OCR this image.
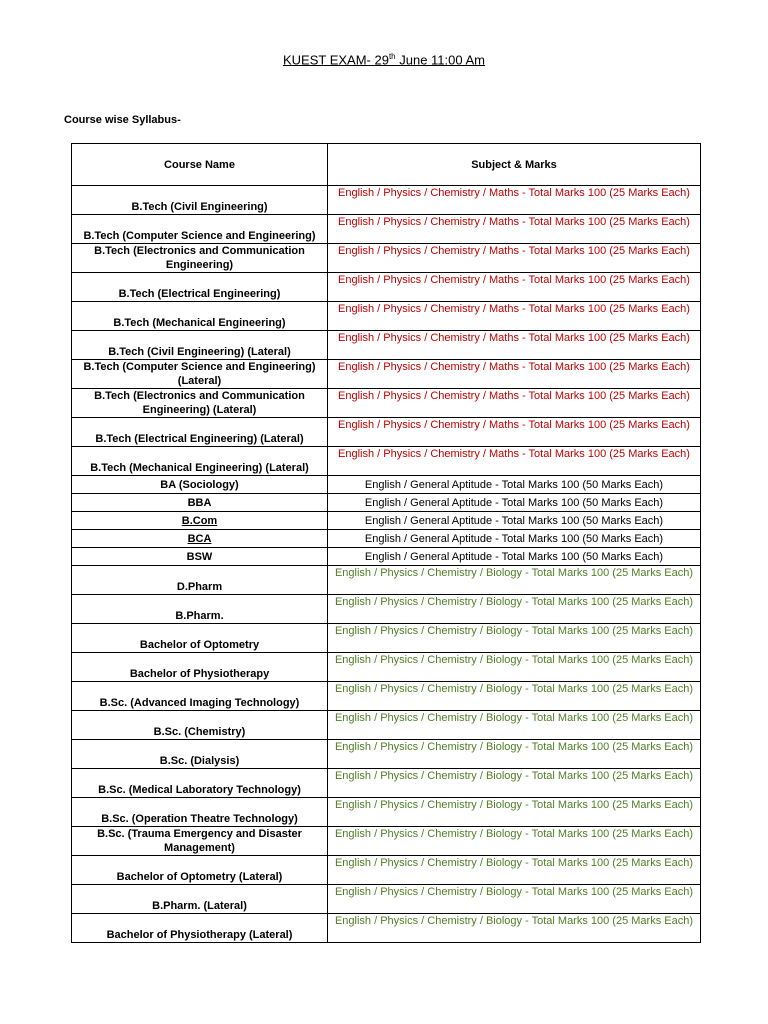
KUEST EXAM- 29th June 11:00 Am
Course wise Syllabus-
Course Name	Subject & Marks
B.Tech (Civil Engineering)	English / Physics / Chemistry / Maths - Total Marks 100 (25 Marks Each)
B.Tech (Computer Science and Engineering)	English / Physics / Chemistry / Maths - Total Marks 100 (25 Marks Each)
B.Tech (Electronics and Communication Engineering)	English / Physics / Chemistry / Maths - Total Marks 100 (25 Marks Each)
B.Tech (Electrical Engineering)	English / Physics / Chemistry / Maths - Total Marks 100 (25 Marks Each)
B.Tech (Mechanical Engineering)	English / Physics / Chemistry / Maths - Total Marks 100 (25 Marks Each)
B.Tech (Civil Engineering) (Lateral)	English / Physics / Chemistry / Maths - Total Marks 100 (25 Marks Each)
B.Tech (Computer Science and Engineering) (Lateral)	English / Physics / Chemistry / Maths - Total Marks 100 (25 Marks Each)
B.Tech (Electronics and Communication Engineering) (Lateral)	English / Physics / Chemistry / Maths - Total Marks 100 (25 Marks Each)
B.Tech (Electrical Engineering) (Lateral)	English / Physics / Chemistry / Maths - Total Marks 100 (25 Marks Each)
B.Tech (Mechanical Engineering) (Lateral)	English / Physics / Chemistry / Maths - Total Marks 100 (25 Marks Each)
BA (Sociology)	English / General Aptitude - Total Marks 100 (50 Marks Each)
BBA	English / General Aptitude - Total Marks 100 (50 Marks Each)
B.Com	English / General Aptitude - Total Marks 100 (50 Marks Each)
BCA	English / General Aptitude - Total Marks 100 (50 Marks Each)
BSW	English / General Aptitude - Total Marks 100 (50 Marks Each)
D.Pharm	English / Physics / Chemistry / Biology - Total Marks 100 (25 Marks Each)
B.Pharm.	English / Physics / Chemistry / Biology - Total Marks 100 (25 Marks Each)
Bachelor of Optometry	English / Physics / Chemistry / Biology - Total Marks 100 (25 Marks Each)
Bachelor of Physiotherapy	English / Physics / Chemistry / Biology - Total Marks 100 (25 Marks Each)
B.Sc. (Advanced Imaging Technology)	English / Physics / Chemistry / Biology - Total Marks 100 (25 Marks Each)
B.Sc. (Chemistry)	English / Physics / Chemistry / Biology - Total Marks 100 (25 Marks Each)
B.Sc. (Dialysis)	English / Physics / Chemistry / Biology - Total Marks 100 (25 Marks Each)
B.Sc. (Medical Laboratory Technology)	English / Physics / Chemistry / Biology - Total Marks 100 (25 Marks Each)
B.Sc. (Operation Theatre Technology)	English / Physics / Chemistry / Biology - Total Marks 100 (25 Marks Each)
B.Sc. (Trauma Emergency and Disaster Management)	English / Physics / Chemistry / Biology - Total Marks 100 (25 Marks Each)
Bachelor of Optometry (Lateral)	English / Physics / Chemistry / Biology - Total Marks 100 (25 Marks Each)
B.Pharm. (Lateral)	English / Physics / Chemistry / Biology - Total Marks 100 (25 Marks Each)
Bachelor of Physiotherapy (Lateral)	English / Physics / Chemistry / Biology - Total Marks 100 (25 Marks Each)
